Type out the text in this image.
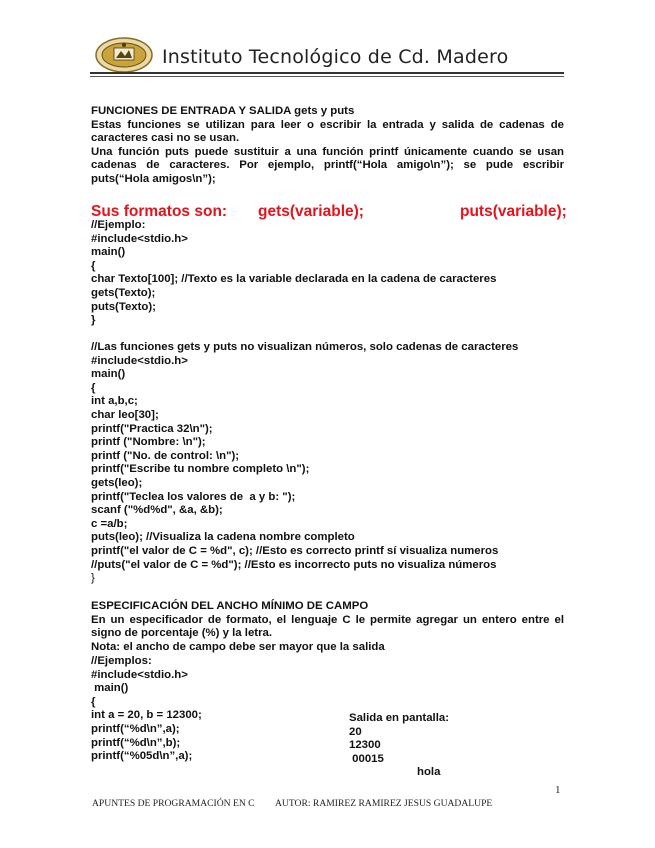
Instituto Tecnológico de Cd. Madero
FUNCIONES DE ENTRADA Y SALIDA gets y puts
Estas funciones se utilizan para leer o escribir la entrada y salida de cadenas de
caracteres casi no se usan.
Una función puts puede sustituir a una función printf únicamente cuando se usan
cadenas de caracteres. Por ejemplo, printf(“Hola amigo\n”); se pude escribir
puts(“Hola amigos\n”);
Sus formatos son: gets(variable);	puts(variable);
//Ejemplo:
#include<stdio.h>
main()
{
char Texto[100]; //Texto es la variable declarada en la cadena de caracteres
gets(Texto);
puts(Texto);
}
//Las funciones gets y puts no visualizan números, solo cadenas de caracteres
#include<stdio.h>
main()
{
int a,b,c;
char leo[30];
printf("Practica 32\n");
printf ("Nombre: \n");
printf ("No. de control: \n");
printf("Escribe tu nombre completo \n");
gets(leo);
printf("Teclea los valores de  a y b: ");
scanf ("%d%d", &a, &b);
c =a/b;
puts(leo); //Visualiza la cadena nombre completo
printf("el valor de C = %d", c); //Esto es correcto printf sí visualiza numeros
//puts("el valor de C = %d"); //Esto es incorrecto puts no visualiza números
}
ESPECIFICACIÓN DEL ANCHO MÍNIMO DE CAMPO
En un especificador de formato, el lenguaje C le permite agregar un entero entre el
signo de porcentaje (%) y la letra.
Nota: el ancho de campo debe ser mayor que la salida
//Ejemplos:
#include<stdio.h>
main()
{
int a = 20, b = 12300;
printf(“%d\n”,a);
printf(“%d\n”,b);
printf(“%05d\n”,a);
Salida en pantalla:
20
12300
00015
hola
1
APUNTES DE PROGRAMACIÓN EN C AUTOR: RAMIREZ RAMIREZ JESUS GUADALUPE
